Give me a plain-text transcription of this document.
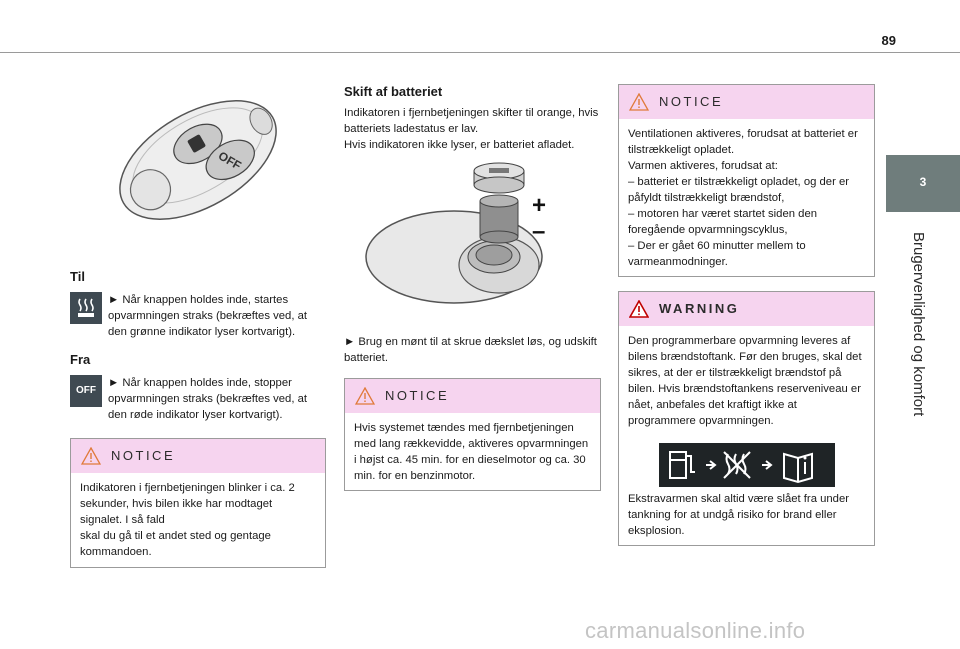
89
3
Brugervenlighed og komfort
OFF
Til

► Når knappen holdes inde, startes opvarmningen straks (bekræftes ved, at den grønne indikator lyser kortvarigt).

Fra
OFF

► Når knappen holdes inde, stopper opvarmningen straks (bekræftes ved, at den røde indikator lyser kortvarigt).

NOTICE
Indikatoren i fjernbetjeningen blinker i ca. 2 sekunder, hvis bilen ikke har modtaget signalet. I så fald
skal du gå til et andet sted og gentage kommandoen.
Skift af batteriet

Indikatoren i fjernbetjeningen skifter til orange, hvis batteriets ladestatus er lav.
Hvis indikatoren ikke lyser, er batteriet afladet.

+
–

► Brug en mønt til at skrue dækslet løs, og udskift batteriet.

NOTICE
Hvis systemet tændes med fjernbetjeningen med lang rækkevidde, aktiveres opvarmningen i højst ca. 45 min. for en dieselmotor og ca. 30 min. for en benzinmotor.
NOTICE
Ventilationen aktiveres, forudsat at batteriet er tilstrækkeligt opladet.
Varmen aktiveres, forudsat at:
– batteriet er tilstrækkeligt opladet, og der er påfyldt tilstrækkeligt brændstof,
– motoren har været startet siden den foregående opvarmningscyklus,
– Der er gået 60 minutter mellem to varmeanmodninger.
WARNING
Den programmerbare opvarmning leveres af bilens brændstoftank. Før den bruges, skal det sikres, at der er tilstrækkeligt brændstof på bilen. Hvis brændstoftankens reserveniveau er nået, anbefales det kraftigt ikke at programmere opvarmningen.
Ekstravarmen skal altid være slået fra under tankning for at undgå risiko for brand eller eksplosion.
carmanualsonline.info
